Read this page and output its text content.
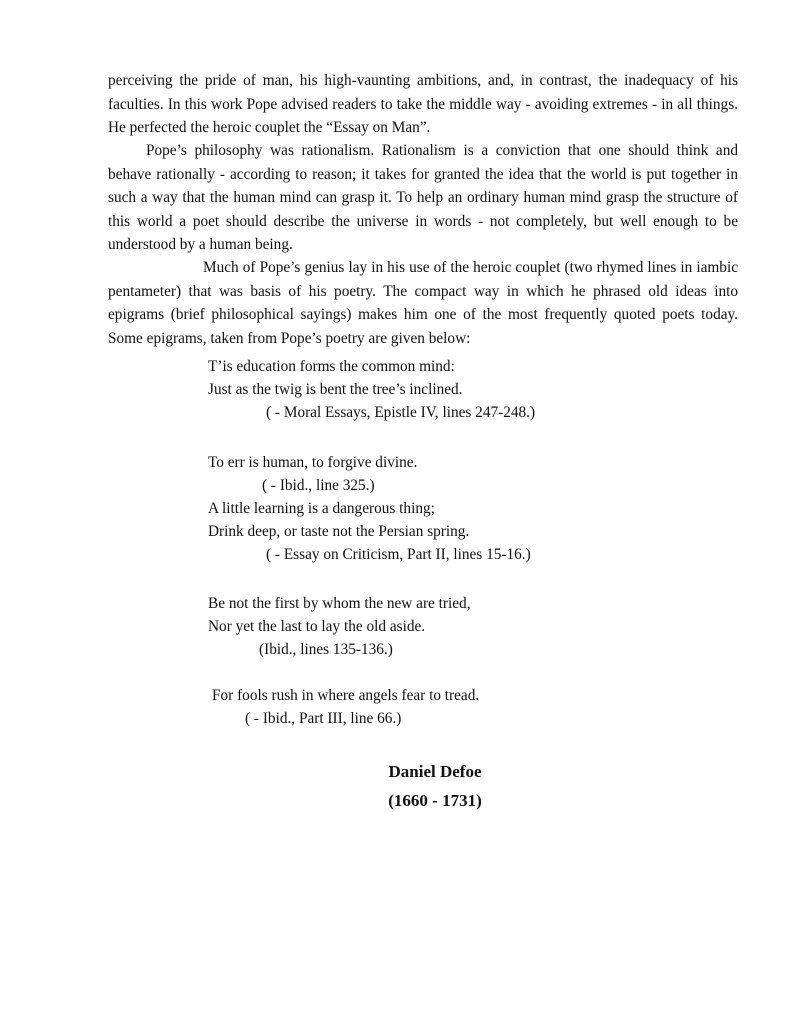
perceiving the pride of man, his high-vaunting ambitions, and, in contrast, the inadequacy of his faculties. In this work Pope advised readers to take the middle way - avoiding extremes - in all things. He perfected the heroic couplet the “Essay on Man”.

Pope’s philosophy was rationalism. Rationalism is a conviction that one should think and behave rationally - according to reason; it takes for granted the idea that the world is put together in such a way that the human mind can grasp it. To help an ordinary human mind grasp the structure of this world a poet should describe the universe in words - not completely, but well enough to be understood by a human being.

Much of Pope’s genius lay in his use of the heroic couplet (two rhymed lines in iambic pentameter) that was basis of his poetry. The compact way in which he phrased old ideas into epigrams (brief philosophical sayings) makes him one of the most frequently quoted poets today. Some epigrams, taken from Pope’s poetry are given below:

T’is education forms the common mind:

Just as the twig is bent the tree’s inclined.

( - Moral Essays, Epistle IV, lines 247-248.)

To err is human, to forgive divine.

( - Ibid., line 325.)

A little learning is a dangerous thing;

Drink deep, or taste not the Persian spring.

( - Essay on Criticism, Part II, lines 15-16.)

Be not the first by whom the new are tried,

Nor yet the last to lay the old aside.

(Ibid., lines 135-136.)

For fools rush in where angels fear to tread.

( - Ibid., Part III, line 66.)

Daniel Defoe

(1660 - 1731)
